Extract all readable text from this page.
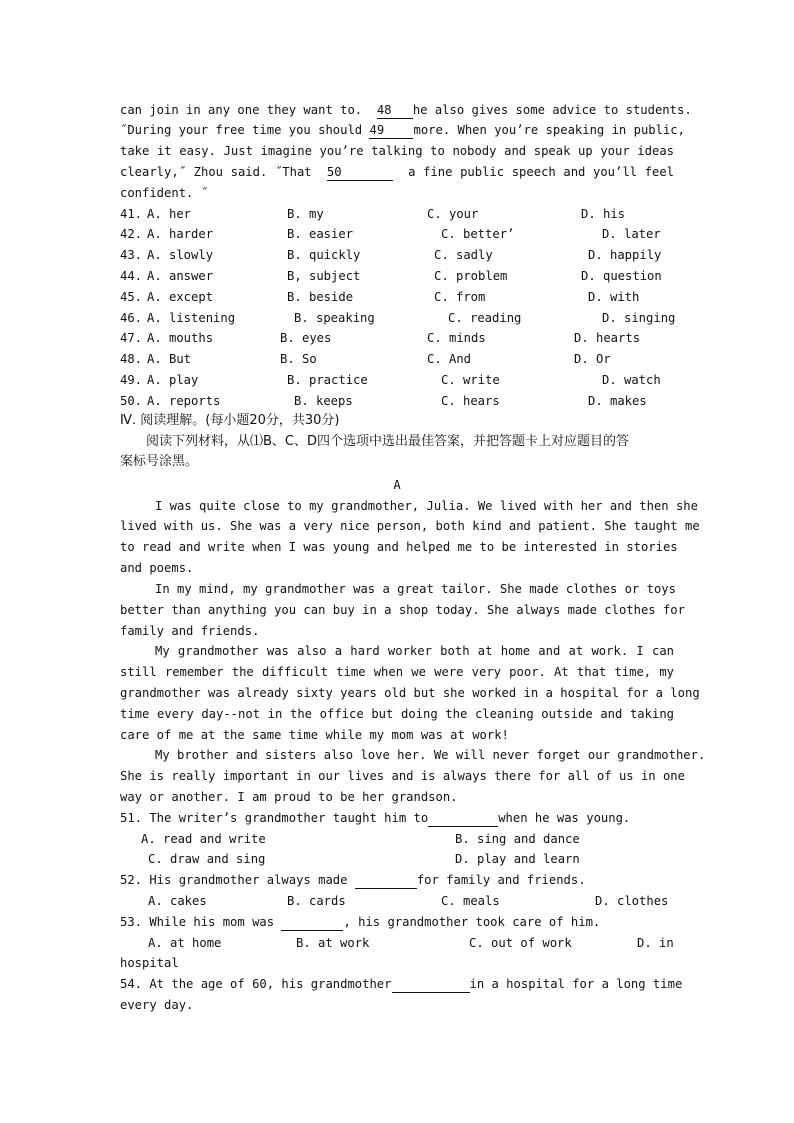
can join in any one they want to. 48 he also gives some advice to students.
˝During your free time you should 49 more. When youʼre speaking in public,
take it easy. Just imagine youʼre talking to nobody and speak up your ideas
clearly,˝ Zhou said. ˝That 50	a fine public speech and youʼll feel
confident. ˝
41. A. her	B. my	C. your	D. his
42. A. harder	B. easier	C. betterʼ	D. later
43. A. slowly	B. quickly	C. sadly	D. happily
44. A. answer	B, subject	C. problem	D. question
45. A. except	B. beside	C. from	D. with
46. A. listening	B. speaking	C. reading	D. singing
47. A. mouths	B. eyes	C. minds	D. hearts
48. A. But	B. So	C. And	D. Or
49. A. play	B. practice	C. write	D. watch
50. A. reports	B. keeps	C. hears	D. makes
Ⅳ. 阅读理解。(每小题20分，共30分)
阅读下列材料，从⑴B、C、D四个选项中选出最佳答案，并把答题卡上对应题目的答
案标号涂黑。
A
I was quite close to my grandmother, Julia. We lived with her and then she
lived with us. She was a very nice person, both kind and patient. She taught me
to read and write when I was young and helped me to be interested in stories
and poems.
In my mind, my grandmother was a great tailor. She made clothes or toys
better than anything you can buy in a shop today. She always made clothes for
family and friends.
My grandmother was also a hard worker both at home and at work. I can
still remember the difficult time when we were very poor. At that time, my
grandmother was already sixty years old but she worked in a hospital for a long
time every day--not in the office but doing the cleaning outside and taking
care of me at the same time while my mom was at work!
My brother and sisters also love her. We will never forget our grandmother.
She is really important in our lives and is always there for all of us in one
way or another. I am proud to be her grandson.
51. The writerʼs grandmother taught him to	when he was young.
A. read and write	B. sing and dance
C. draw and sing	D. play and learn
52. His grandmother always made	for family and friends.
A. cakes	B. cards	C. meals	D. clothes
53. While his mom was	, his grandmother took care of him.
A. at home	B. at work	C. out of work	D. in
hospital
54. At the age of 60, his grandmother	in a hospital for a long time
every day.
